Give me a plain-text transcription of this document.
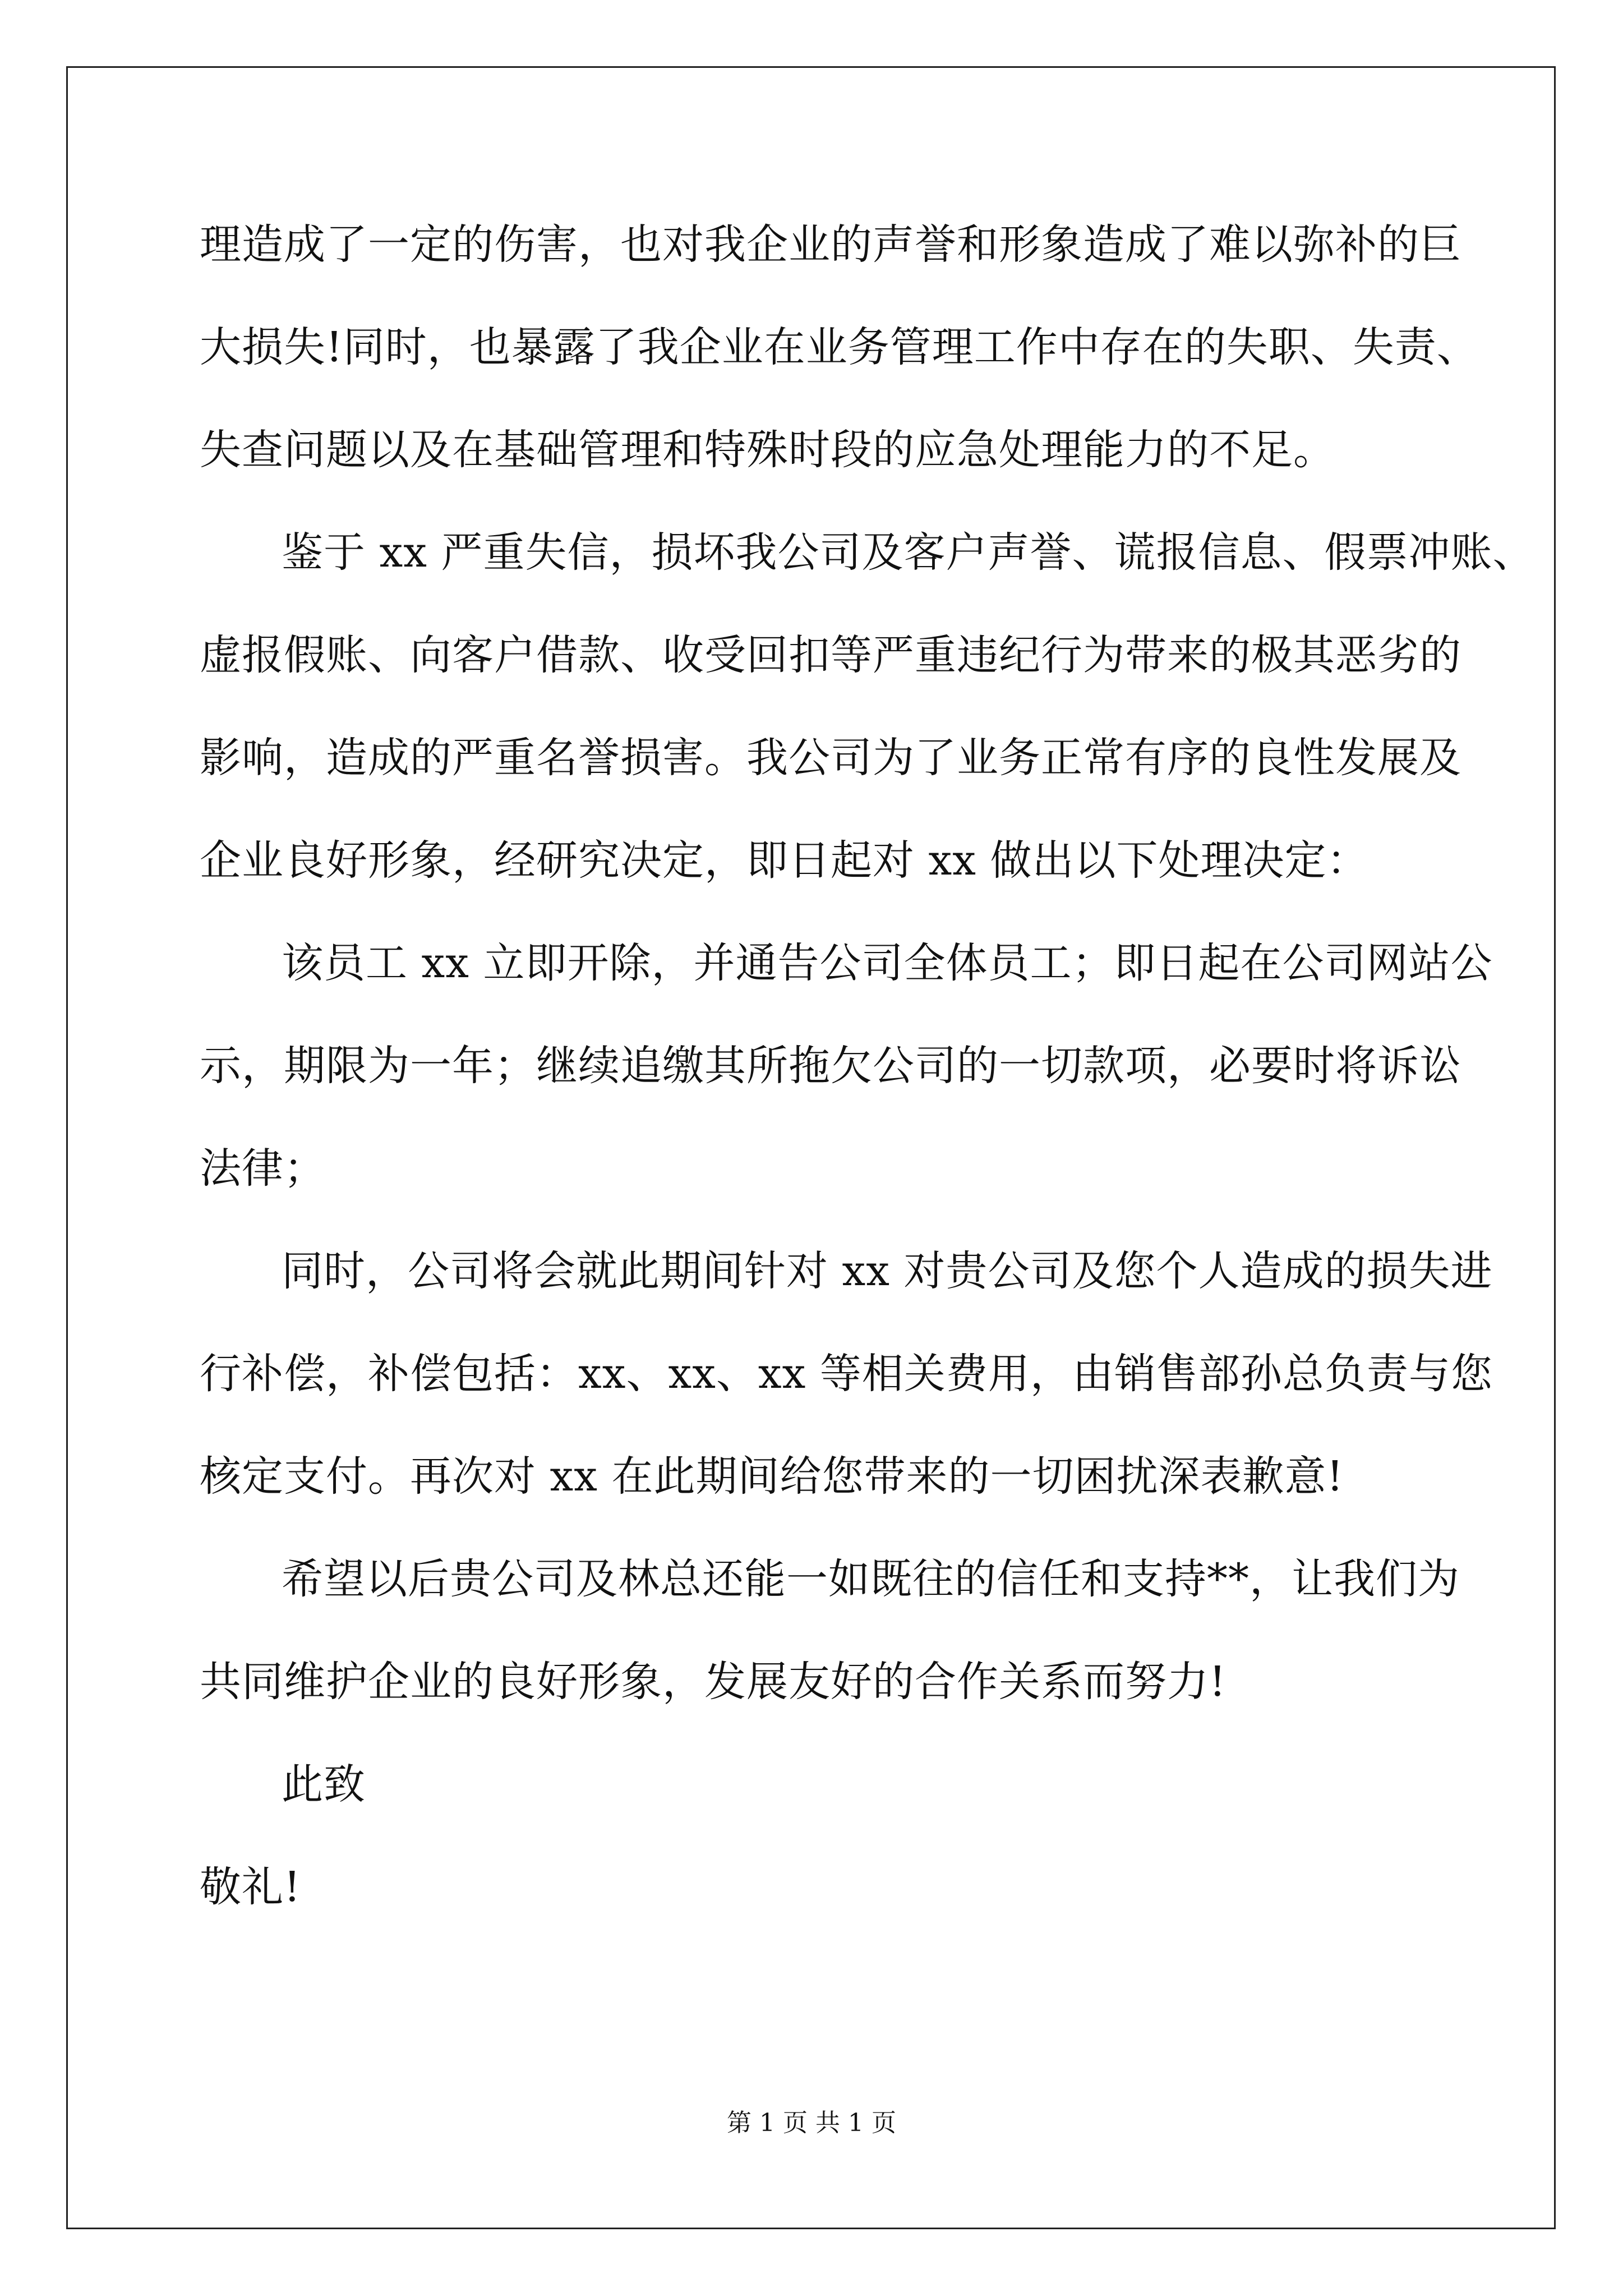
理造成了一定的伤害，也对我企业的声誉和形象造成了难以弥补的巨
大损失!同时，也暴露了我企业在业务管理工作中存在的失职、失责、
失查问题以及在基础管理和特殊时段的应急处理能力的不足。
鉴于 xx 严重失信，损坏我公司及客户声誉、谎报信息、假票冲账、
虚报假账、向客户借款、收受回扣等严重违纪行为带来的极其恶劣的
影响，造成的严重名誉损害。我公司为了业务正常有序的良性发展及
企业良好形象，经研究决定，即日起对 xx 做出以下处理决定：
该员工 xx 立即开除，并通告公司全体员工；即日起在公司网站公
示，期限为一年；继续追缴其所拖欠公司的一切款项，必要时将诉讼
法律；
同时，公司将会就此期间针对 xx 对贵公司及您个人造成的损失进
行补偿，补偿包括：xx、xx、xx 等相关费用，由销售部孙总负责与您
核定支付。再次对 xx 在此期间给您带来的一切困扰深表歉意!
希望以后贵公司及林总还能一如既往的信任和支持**，让我们为
共同维护企业的良好形象，发展友好的合作关系而努力!
此致
敬礼!
第 1 页 共 1 页
